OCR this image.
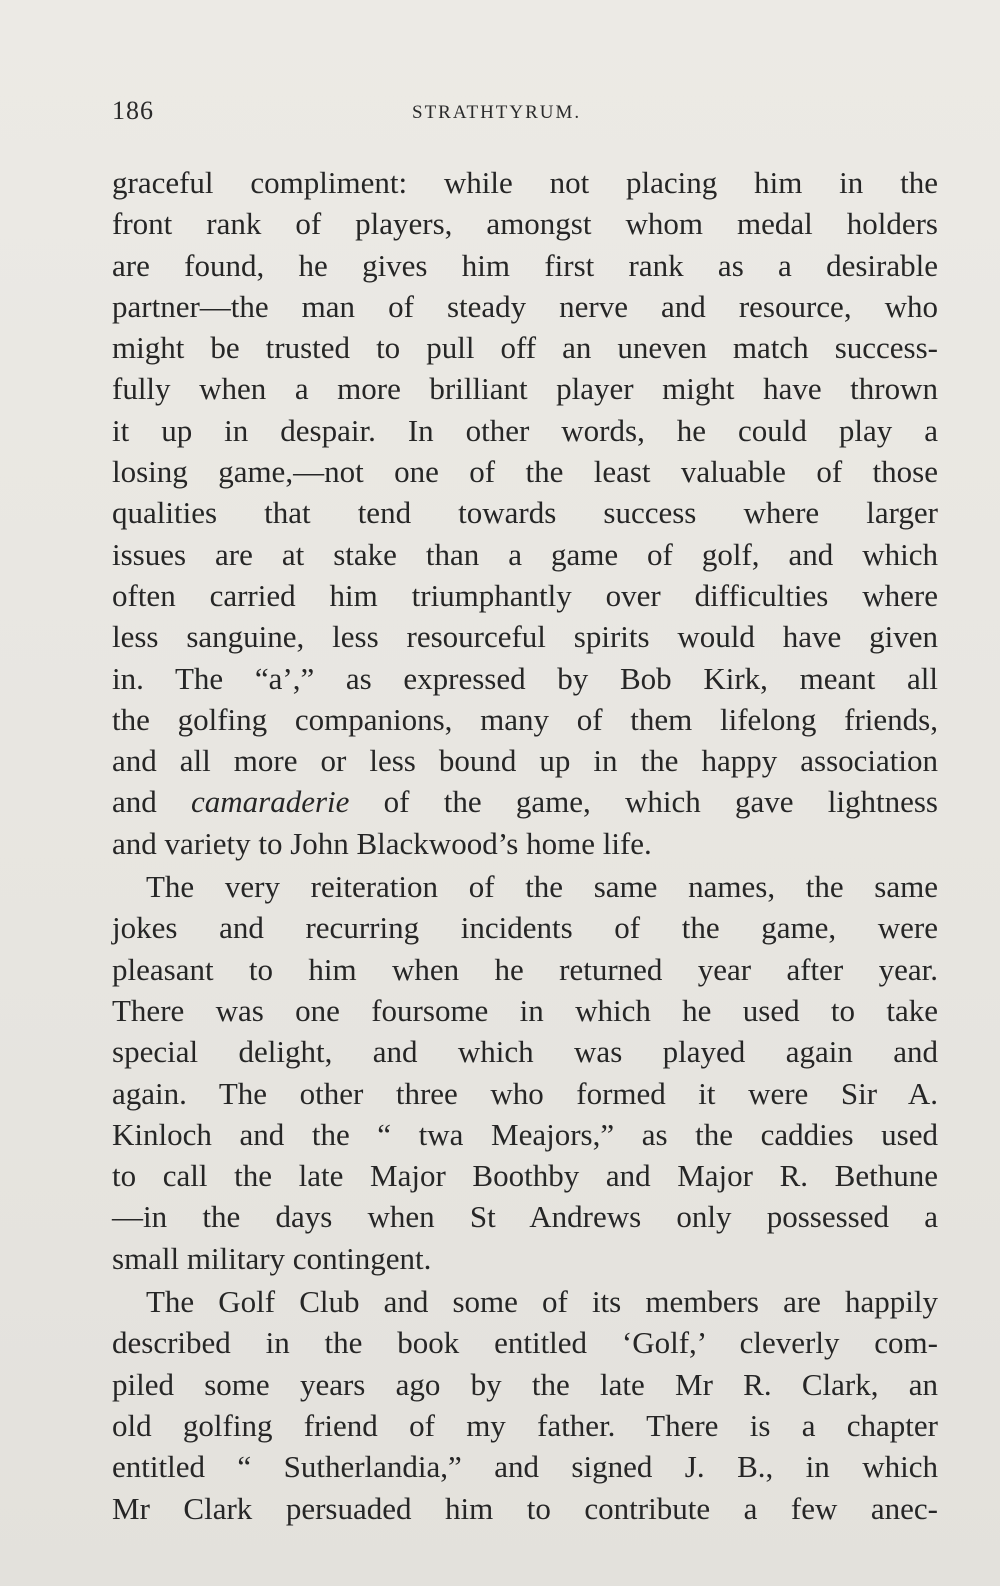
186	STRATHTYRUM.

graceful compliment: while not placing him in the
front rank of players, amongst whom medal holders
are found, he gives him first rank as a desirable
partner—the man of steady nerve and resource, who
might be trusted to pull off an uneven match success-
fully when a more brilliant player might have thrown
it up in despair. In other words, he could play a
losing game,—not one of the least valuable of those
qualities that tend towards success where larger
issues are at stake than a game of golf, and which
often carried him triumphantly over difficulties where
less sanguine, less resourceful spirits would have given
in. The “a’,” as expressed by Bob Kirk, meant all
the golfing companions, many of them lifelong friends,
and all more or less bound up in the happy association
and camaraderie of the game, which gave lightness
and variety to John Blackwood’s home life.

The very reiteration of the same names, the same
jokes and recurring incidents of the game, were
pleasant to him when he returned year after year.
There was one foursome in which he used to take
special delight, and which was played again and
again. The other three who formed it were Sir A.
Kinloch and the “ twa Meajors,” as the caddies used
to call the late Major Boothby and Major R. Bethune
—in the days when St Andrews only possessed a
small military contingent.

The Golf Club and some of its members are happily
described in the book entitled ‘Golf,’ cleverly com-
piled some years ago by the late Mr R. Clark, an
old golfing friend of my father. There is a chapter
entitled “ Sutherlandia,” and signed J. B., in which
Mr Clark persuaded him to contribute a few anec-
